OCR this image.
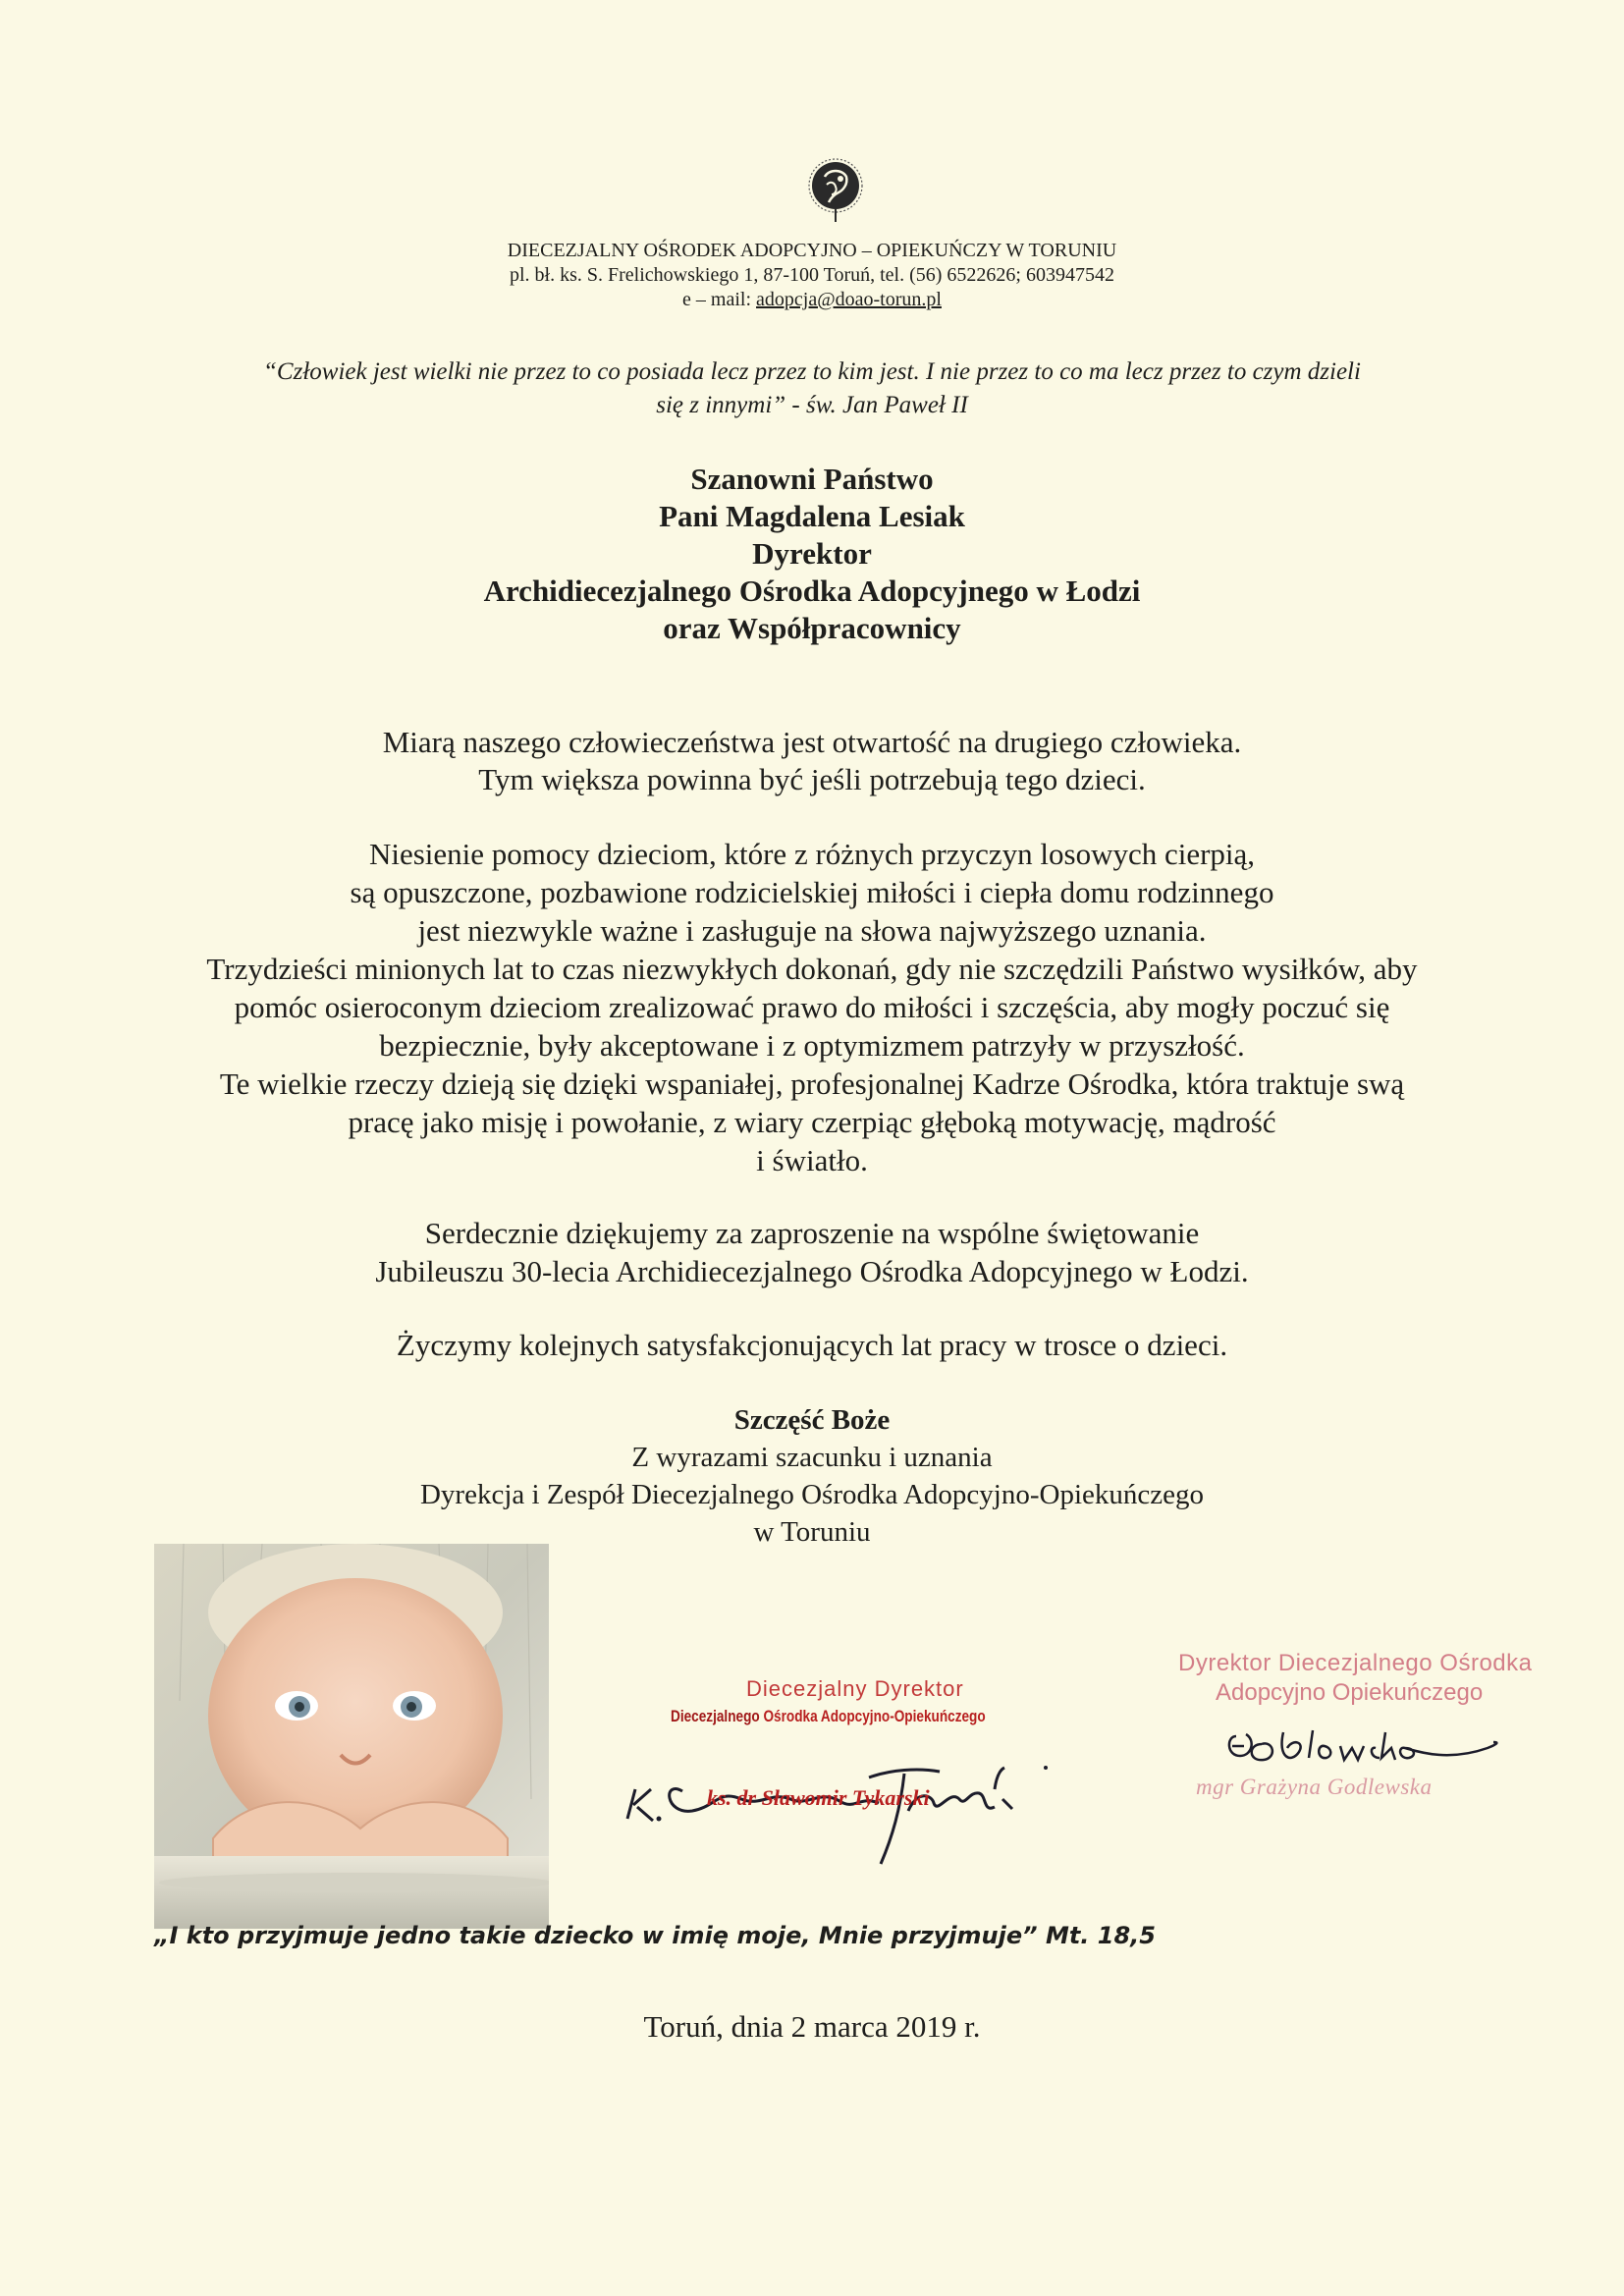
DIECEZJALNY OŚRODEK ADOPCYJNO – OPIEKUŃCZY W TORUNIU
pl. bł. ks. S. Frelichowskiego 1, 87-100 Toruń, tel. (56) 6522626; 603947542
e – mail: adopcja@doao-torun.pl
“Człowiek jest wielki nie przez to co posiada lecz przez to kim jest. I nie przez to co ma lecz przez to czym dzieli
się z innymi” - św. Jan Paweł II
Szanowni Państwo
Pani Magdalena Lesiak
Dyrektor
Archidiecezjalnego Ośrodka Adopcyjnego w Łodzi
oraz Współpracownicy
Miarą naszego człowieczeństwa jest otwartość na drugiego człowieka.
Tym większa powinna być jeśli potrzebują tego dzieci.
Niesienie pomocy dzieciom, które z różnych przyczyn losowych cierpią,
są opuszczone, pozbawione rodzicielskiej miłości i ciepła domu rodzinnego
jest niezwykle ważne i zasługuje na słowa najwyższego uznania.
Trzydzieści minionych lat to czas niezwykłych dokonań, gdy nie szczędzili Państwo wysiłków, aby
pomóc osieroconym dzieciom zrealizować prawo do miłości i szczęścia, aby mogły poczuć się
bezpiecznie, były akceptowane i z optymizmem patrzyły w przyszłość.
Te wielkie rzeczy dzieją się dzięki wspaniałej, profesjonalnej Kadrze Ośrodka, która traktuje swą
pracę jako misję i powołanie, z wiary czerpiąc głęboką motywację, mądrość
i światło.
Serdecznie dziękujemy za zaproszenie na wspólne świętowanie
Jubileuszu 30-lecia Archidiecezjalnego Ośrodka Adopcyjnego w Łodzi.
Życzymy kolejnych satysfakcjonujących lat pracy w trosce o dzieci.
Szczęść Boże
Z wyrazami szacunku i uznania
Dyrekcja i Zespół Diecezjalnego Ośrodka Adopcyjno-Opiekuńczego
w Toruniu
Diecezjalny Dyrektor
Diecezjalnego Ośrodka Adopcyjno-Opiekuńczego
ks. dr Sławomir Tykarski
Dyrektor Diecezjalnego Ośrodka
Adopcyjno Opiekuńczego
mgr Grażyna Godlewska
„I kto przyjmuje jedno takie dziecko w imię moje, Mnie przyjmuje” Mt. 18,5
Toruń, dnia 2 marca 2019 r.
